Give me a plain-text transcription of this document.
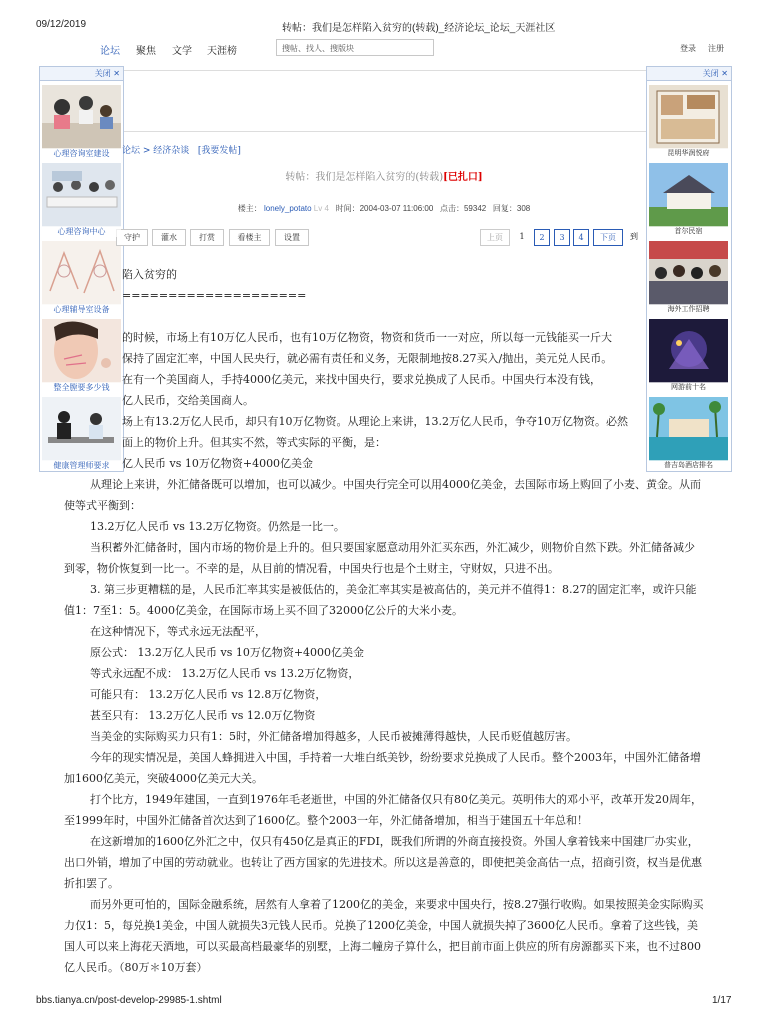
09/12/2019	转帖：我们是怎样陷入贫穷的(转载)_经济论坛_论坛_天涯社区
论坛 聚焦 文学 天涯榜	搜帖、找人、搜版块	登录 注册
关闭 ✕
心理咨询室建设
心理咨询中心
心理辅导室设备
整全膛要多少钱
健康管理师要求
关闭 ✕
昆明华润悦府
首尔民宿
海外工作招聘
网游前十名
普吉岛酒店排名
论坛 > 经济杂谈 [我要发帖]
转帖：我们是怎样陷入贫穷的(转载)[已扎口]
楼主： lonely_potato Lv 4 时间：2004-03-07 11:06:00 点击：59342 回复：308
守护	灌水	打赏	看楼主	设置	上页	1	2	3	4	下页	到

陷入贫穷的

====================

的时候，市场上有10万亿人民币，也有10万亿物资，物资和货币一一对应，所以每一元钱能买一斤大

保持了固定汇率，中国人民央行，就必需有责任和义务，无限制地按8.27买入/抛出，美元兑人民币。

在有一个美国商人，手持4000亿美元，来找中国央行，要求兑换成了人民币。中国央行本没有钱，

亿人民币，交给美国商人。

场上有13.2万亿人民币，却只有10万亿物资。从理论上来讲，13.2万亿人民币，争夺10万亿物资。必然

面上的物价上升。但其实不然，等式实际的平衡，是：

亿人民币 vs 10万亿物资+4000亿美金

从理论上来讲，外汇储备既可以增加，也可以减少。中国央行完全可以用4000亿美金，去国际市场上购回了小麦、黄金。从而使等式平衡到：

13.2万亿人民币 vs 13.2万亿物资。仍然是一比一。

当积蓄外汇储备时，国内市场的物价是上升的。但只要国家愿意动用外汇买东西，外汇减少，则物价自然下跌。外汇储备减少到零，物价恢复到一比一。不幸的是，从目前的情况看，中国央行也是个土财主，守财奴，只进不出。

3. 第三步更糟糕的是，人民币汇率其实是被低估的，美金汇率其实是被高估的，美元并不值得1：8.27的固定汇率，或许只能值1：7至1：5。4000亿美金，在国际市场上买不回了32000亿公斤的大米小麦。

在这种情况下，等式永远无法配平，

原公式： 13.2万亿人民币 vs 10万亿物资+4000亿美金

等式永远配不成： 13.2万亿人民币 vs 13.2万亿物资，

可能只有： 13.2万亿人民币 vs 12.8万亿物资，

甚至只有： 13.2万亿人民币 vs 12.0万亿物资

当美金的实际购买力只有1：5时，外汇储备增加得越多，人民币被摊薄得越快，人民币贬值越厉害。

今年的现实情况是，美国人蜂拥进入中国，手持着一大堆白纸美钞，纷纷要求兑换成了人民币。整个2003年，中国外汇储备增加1600亿美元，突破4000亿美元大关。

打个比方，1949年建国，一直到1976年毛老逝世，中国的外汇储备仅只有80亿美元。英明伟大的邓小平，改革开发20周年，至1999年时，中国外汇储备首次达到了1600亿。整个2003一年，外汇储备增加，相当于建国五十年总和！

在这新增加的1600亿外汇之中，仅只有450亿是真正的FDI，既我们所谓的外商直接投资。外国人拿着钱来中国建厂办实业，出口外销，增加了中国的劳动就业。也转让了西方国家的先进技术。所以这是善意的，即使把美金高估一点，招商引资，权当是优惠折扣罢了。

而另外更可怕的，国际金融系统，居然有人拿着了1200亿的美金，来要求中国央行，按8.27强行收购。如果按照美金实际购买力仅1：5，每兑换1美金，中国人就损失3元钱人民币。兑换了1200亿美金，中国人就损失掉了3600亿人民币。拿着了这些钱，美国人可以来上海花天酒地，可以买最高档最豪华的别墅，上海二幢房子算什么，把目前市面上供应的所有房源都买下来，也不过800亿人民币。（80万＊10万套）

bbs.tianya.cn/post-develop-29985-1.shtml	1/17
